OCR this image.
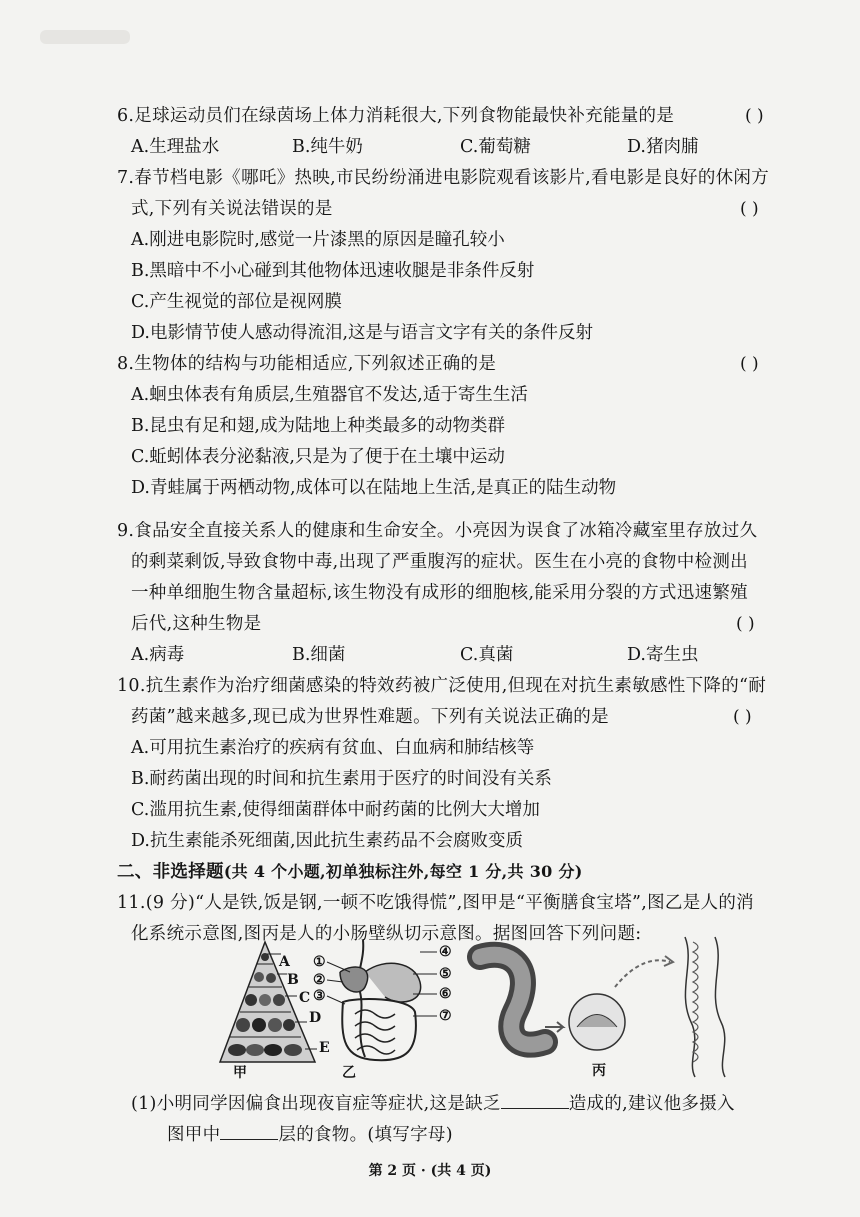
6.足球运动员们在绿茵场上体力消耗很大,下列食物能最快补充能量的是	( )
A.生理盐水	B.纯牛奶	C.葡萄糖	D.猪肉脯
7.春节档电影《哪吒》热映,市民纷纷涌进电影院观看该影片,看电影是良好的休闲方
式,下列有关说法错误的是	( )
A.刚进电影院时,感觉一片漆黑的原因是瞳孔较小
B.黑暗中不小心碰到其他物体迅速收腿是非条件反射
C.产生视觉的部位是视网膜
D.电影情节使人感动得流泪,这是与语言文字有关的条件反射
8.生物体的结构与功能相适应,下列叙述正确的是	( )
A.蛔虫体表有角质层,生殖器官不发达,适于寄生生活
B.昆虫有足和翅,成为陆地上种类最多的动物类群
C.蚯蚓体表分泌黏液,只是为了便于在土壤中运动
D.青蛙属于两栖动物,成体可以在陆地上生活,是真正的陆生动物
9.食品安全直接关系人的健康和生命安全。小亮因为误食了冰箱冷藏室里存放过久
的剩菜剩饭,导致食物中毒,出现了严重腹泻的症状。医生在小亮的食物中检测出
一种单细胞生物含量超标,该生物没有成形的细胞核,能采用分裂的方式迅速繁殖
后代,这种生物是	( )
A.病毒	B.细菌	C.真菌	D.寄生虫
10.抗生素作为治疗细菌感染的特效药被广泛使用,但现在对抗生素敏感性下降的“耐
药菌”越来越多,现已成为世界性难题。下列有关说法正确的是	( )
A.可用抗生素治疗的疾病有贫血、白血病和肺结核等
B.耐药菌出现的时间和抗生素用于医疗的时间没有关系
C.滥用抗生素,使得细菌群体中耐药菌的比例大大增加
D.抗生素能杀死细菌,因此抗生素药品不会腐败变质
二、非选择题(共 4 个小题,初单独标注外,每空 1 分,共 30 分)
11.(9 分)“人是铁,饭是钢,一顿不吃饿得慌”,图甲是“平衡膳食宝塔”,图乙是人的消
化系统示意图,图丙是人的小肠壁纵切示意图。据图回答下列问题:
A
B
C
D
E
①
②
③
④
⑤
⑥
⑦
甲	乙	丙
(1)小明同学因偏食出现夜盲症等症状,这是缺乏	造成的,建议他多摄入
图甲中	层的食物。(填写字母)
第 2 页 · (共 4 页)
